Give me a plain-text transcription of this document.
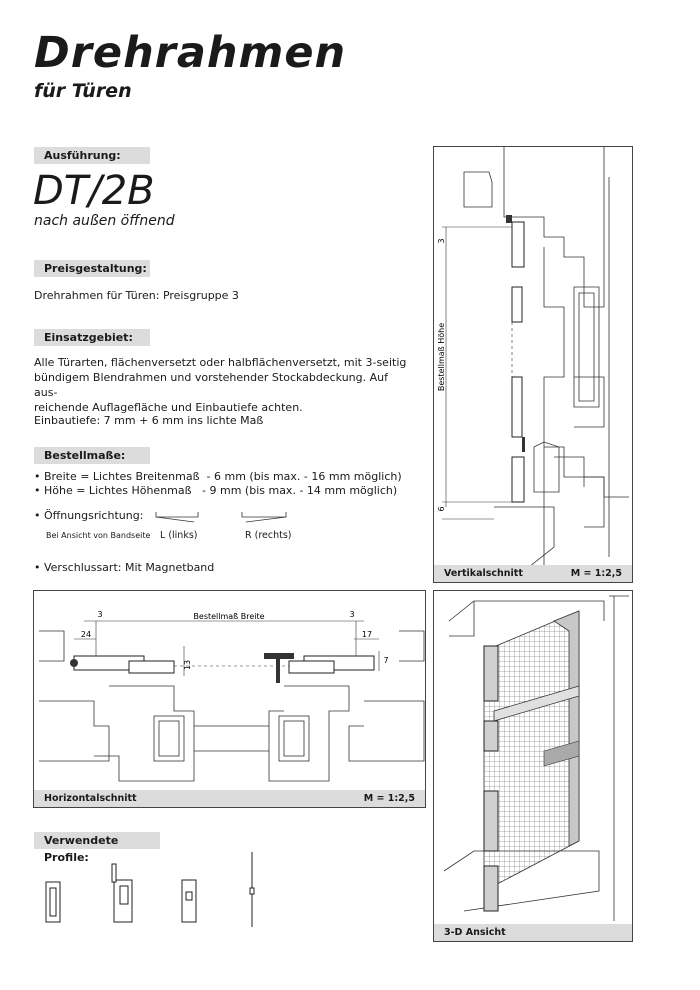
Drehrahmen
für Türen
Ausführung:
DT/2B
nach außen öffnend
Preisgestaltung:
Drehrahmen für Türen: Preisgruppe 3
Einsatzgebiet:
Alle Türarten, flächenversetzt oder halbflächenversetzt, mit 3-seitig
bündigem Blendrahmen und vorstehender Stockabdeckung. Auf aus-
reichende Auflagefläche und Einbautiefe achten.
Einbautiefe: 7 mm + 6 mm ins lichte Maß
Bestellmaße:
• Breite = Lichtes Breitenmaß  - 6 mm (bis max. - 16 mm möglich)
• Höhe = Lichtes Höhenmaß   - 9 mm (bis max. - 14 mm möglich)
• Öffnungsrichtung:
Bei Ansicht von Bandseite L (links)	R (rechts)
• Verschlussart: Mit Magnetband
3
6
Bestellmaß Höhe
Vertikalschnitt	M = 1:2,5
3	3
Bestellmaß Breite
24	17
13	7
Horizontalschnitt	M = 1:2,5
3-D Ansicht
Verwendete Profile:
